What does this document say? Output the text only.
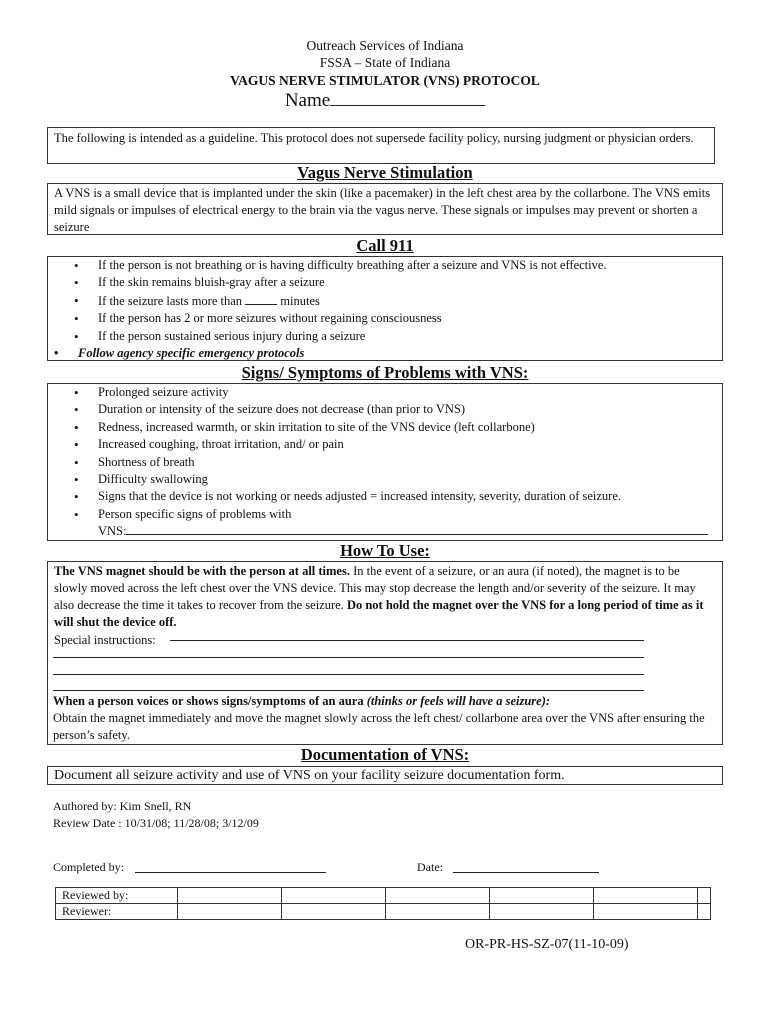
Outreach Services of Indiana
FSSA – State of Indiana
VAGUS NERVE STIMULATOR (VNS) PROTOCOL
Name
The following is intended as a guideline. This protocol does not supersede facility policy, nursing judgment or physician orders.
Vagus Nerve Stimulation
A VNS is a small device that is implanted under the skin (like a pacemaker) in the left chest area by the collarbone. The VNS emits mild signals or impulses of electrical energy to the brain via the vagus nerve. These signals or impulses may prevent or shorten a seizure
Call 911
• If the person is not breathing or is having difficulty breathing after a seizure and VNS is not effective.
• If the skin remains bluish-gray after a seizure
• If the seizure lasts more than	minutes
• If the person has 2 or more seizures without regaining consciousness
• If the person sustained serious injury during a seizure
• Follow agency specific emergency protocols
Signs/ Symptoms of Problems with VNS:
• Prolonged seizure activity
• Duration or intensity of the seizure does not decrease (than prior to VNS)
• Redness, increased warmth, or skin irritation to site of the VNS device (left collarbone)
• Increased coughing, throat irritation, and/ or pain
• Shortness of breath
• Difficulty swallowing
• Signs that the device is not working or needs adjusted = increased intensity, severity, duration of seizure.
• Person specific signs of problems with
VNS:
How To Use:
The VNS magnet should be with the person at all times. In the event of a seizure, or an aura (if noted), the magnet is to be slowly moved across the left chest over the VNS device. This may stop decrease the length and/or severity of the seizure. It may also decrease the time it takes to recover from the seizure. Do not hold the magnet over the VNS for a long period of time as it will shut the device off.
Special instructions:
When a person voices or shows signs/symptoms of an aura (thinks or feels will have a seizure):
Obtain the magnet immediately and move the magnet slowly across the left chest/ collarbone area over the VNS after ensuring the person’s safety.
Documentation of VNS:
Document all seizure activity and use of VNS on your facility seizure documentation form.
Authored by: Kim Snell, RN
Review Date : 10/31/08; 11/28/08; 3/12/09
Completed by:	Date:
Reviewed by:						
Reviewer:						
OR-PR-HS-SZ-07(11-10-09)
